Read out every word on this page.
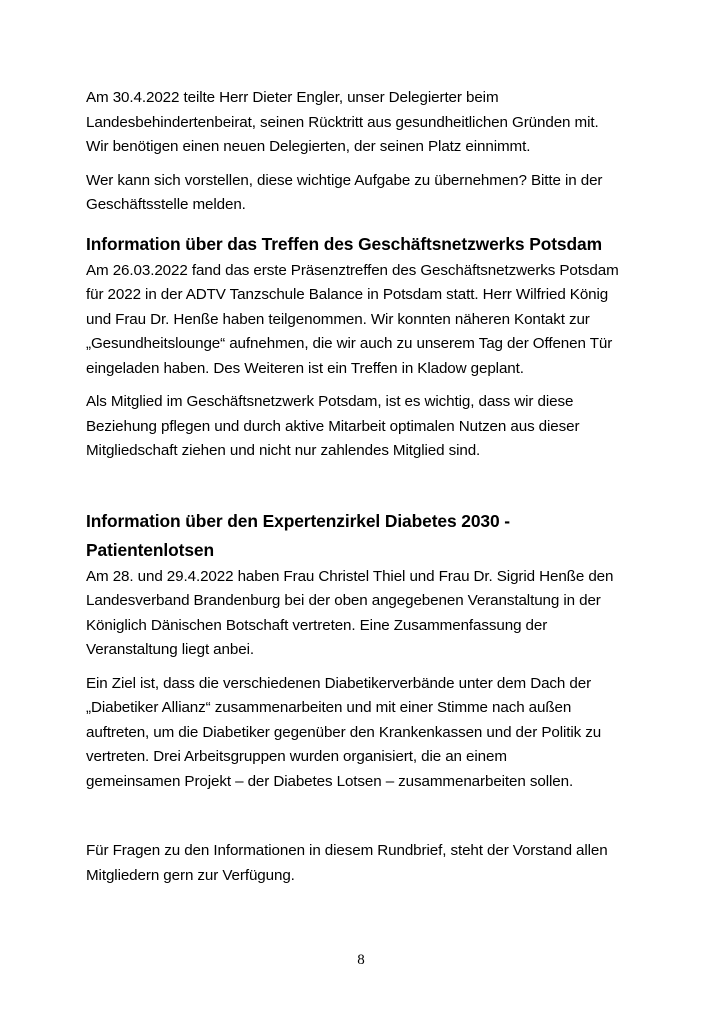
Am 30.4.2022 teilte Herr Dieter Engler, unser Delegierter beim
Landesbehindertenbeirat, seinen Rücktritt aus gesundheitlichen Gründen mit.
Wir benötigen einen neuen Delegierten, der seinen Platz einnimmt.

Wer kann sich vorstellen, diese wichtige Aufgabe zu übernehmen? Bitte in der
Geschäftsstelle melden.

Information über das Treffen des Geschäftsnetzwerks Potsdam

Am 26.03.2022 fand das erste Präsenztreffen des Geschäftsnetzwerks Potsdam
für 2022 in der ADTV Tanzschule Balance in Potsdam statt. Herr Wilfried König
und Frau Dr. Henße haben teilgenommen. Wir konnten näheren Kontakt zur
„Gesundheitslounge“ aufnehmen, die wir auch zu unserem Tag der Offenen Tür
eingeladen haben. Des Weiteren ist ein Treffen in Kladow geplant.

Als Mitglied im Geschäftsnetzwerk Potsdam, ist es wichtig, dass wir diese
Beziehung pflegen und durch aktive Mitarbeit optimalen Nutzen aus dieser
Mitgliedschaft ziehen und nicht nur zahlendes Mitglied sind.

Information über den Expertenzirkel Diabetes 2030 -
Patientenlotsen

Am 28. und 29.4.2022 haben Frau Christel Thiel und Frau Dr. Sigrid Henße den
Landesverband Brandenburg bei der oben angegebenen Veranstaltung in der
Königlich Dänischen Botschaft vertreten. Eine Zusammenfassung der
Veranstaltung liegt anbei.

Ein Ziel ist, dass die verschiedenen Diabetikerverbände unter dem Dach der
„Diabetiker Allianz“ zusammenarbeiten und mit einer Stimme nach außen
auftreten, um die Diabetiker gegenüber den Krankenkassen und der Politik zu
vertreten. Drei Arbeitsgruppen wurden organisiert, die an einem
gemeinsamen Projekt – der Diabetes Lotsen – zusammenarbeiten sollen.

Für Fragen zu den Informationen in diesem Rundbrief, steht der Vorstand allen
Mitgliedern gern zur Verfügung.

8
